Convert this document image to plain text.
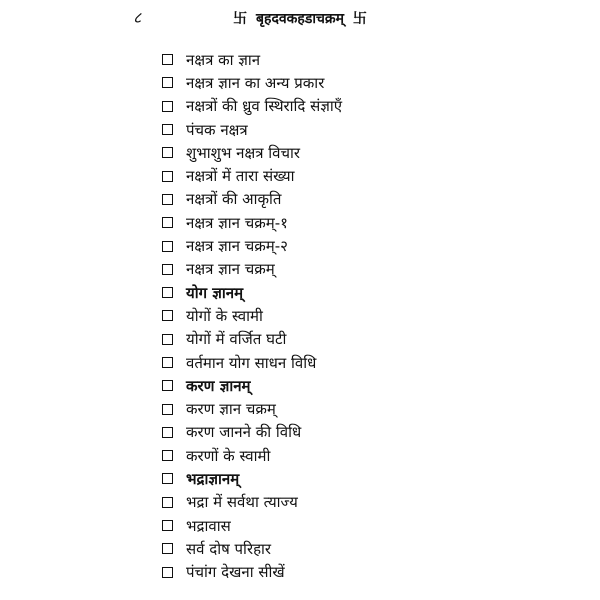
८	卐 बृहदवकहडाचक्रम् 卐
नक्षत्र का ज्ञान
नक्षत्र ज्ञान का अन्य प्रकार
नक्षत्रों की ध्रुव स्थिरादि संज्ञाएँ
पंचक नक्षत्र
शुभाशुभ नक्षत्र विचार
नक्षत्रों में तारा संख्या
नक्षत्रों की आकृति
नक्षत्र ज्ञान चक्रम्-१
नक्षत्र ज्ञान चक्रम्-२
नक्षत्र ज्ञान चक्रम्
योग ज्ञानम्
योगों के स्वामी
योगों में वर्जित घटी
वर्तमान योग साधन विधि
करण ज्ञानम्
करण ज्ञान चक्रम्
करण जानने की विधि
करणों के स्वामी
भद्राज्ञानम्
भद्रा में सर्वथा त्याज्य
भद्रावास
सर्व दोष परिहार
पंचांग देखना सीखें
